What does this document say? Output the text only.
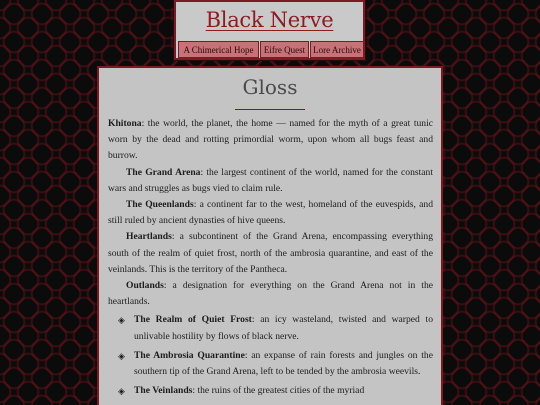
Black Nerve
A Chimerical Hope	Eifre Quest Lore Archive
Gloss

Khitona: the world, the planet, the home — named for the myth of a great tunic worn by the dead and rotting primordial worm, upon whom all bugs feast and burrow.

The Grand Arena: the largest continent of the world, named for the constant wars and struggles as bugs vied to claim rule.

The Queenlands: a continent far to the west, homeland of the euvespids, and still ruled by ancient dynasties of hive queens.

Heartlands: a subcontinent of the Grand Arena, encompassing everything south of the realm of quiet frost, north of the ambrosia quarantine, and east of the veinlands. This is the territory of the Pantheca.

Outlands: a designation for everything on the Grand Arena not in the heartlands.

◈ The Realm of Quiet Frost: an icy wasteland, twisted and warped to unlivable hostility by flows of black nerve.
◈ The Ambrosia Quarantine: an expanse of rain forests and jungles on the southern tip of the Grand Arena, left to be tended by the ambrosia weevils.
◈ The Veinlands: the ruins of the greatest cities of the myriad
